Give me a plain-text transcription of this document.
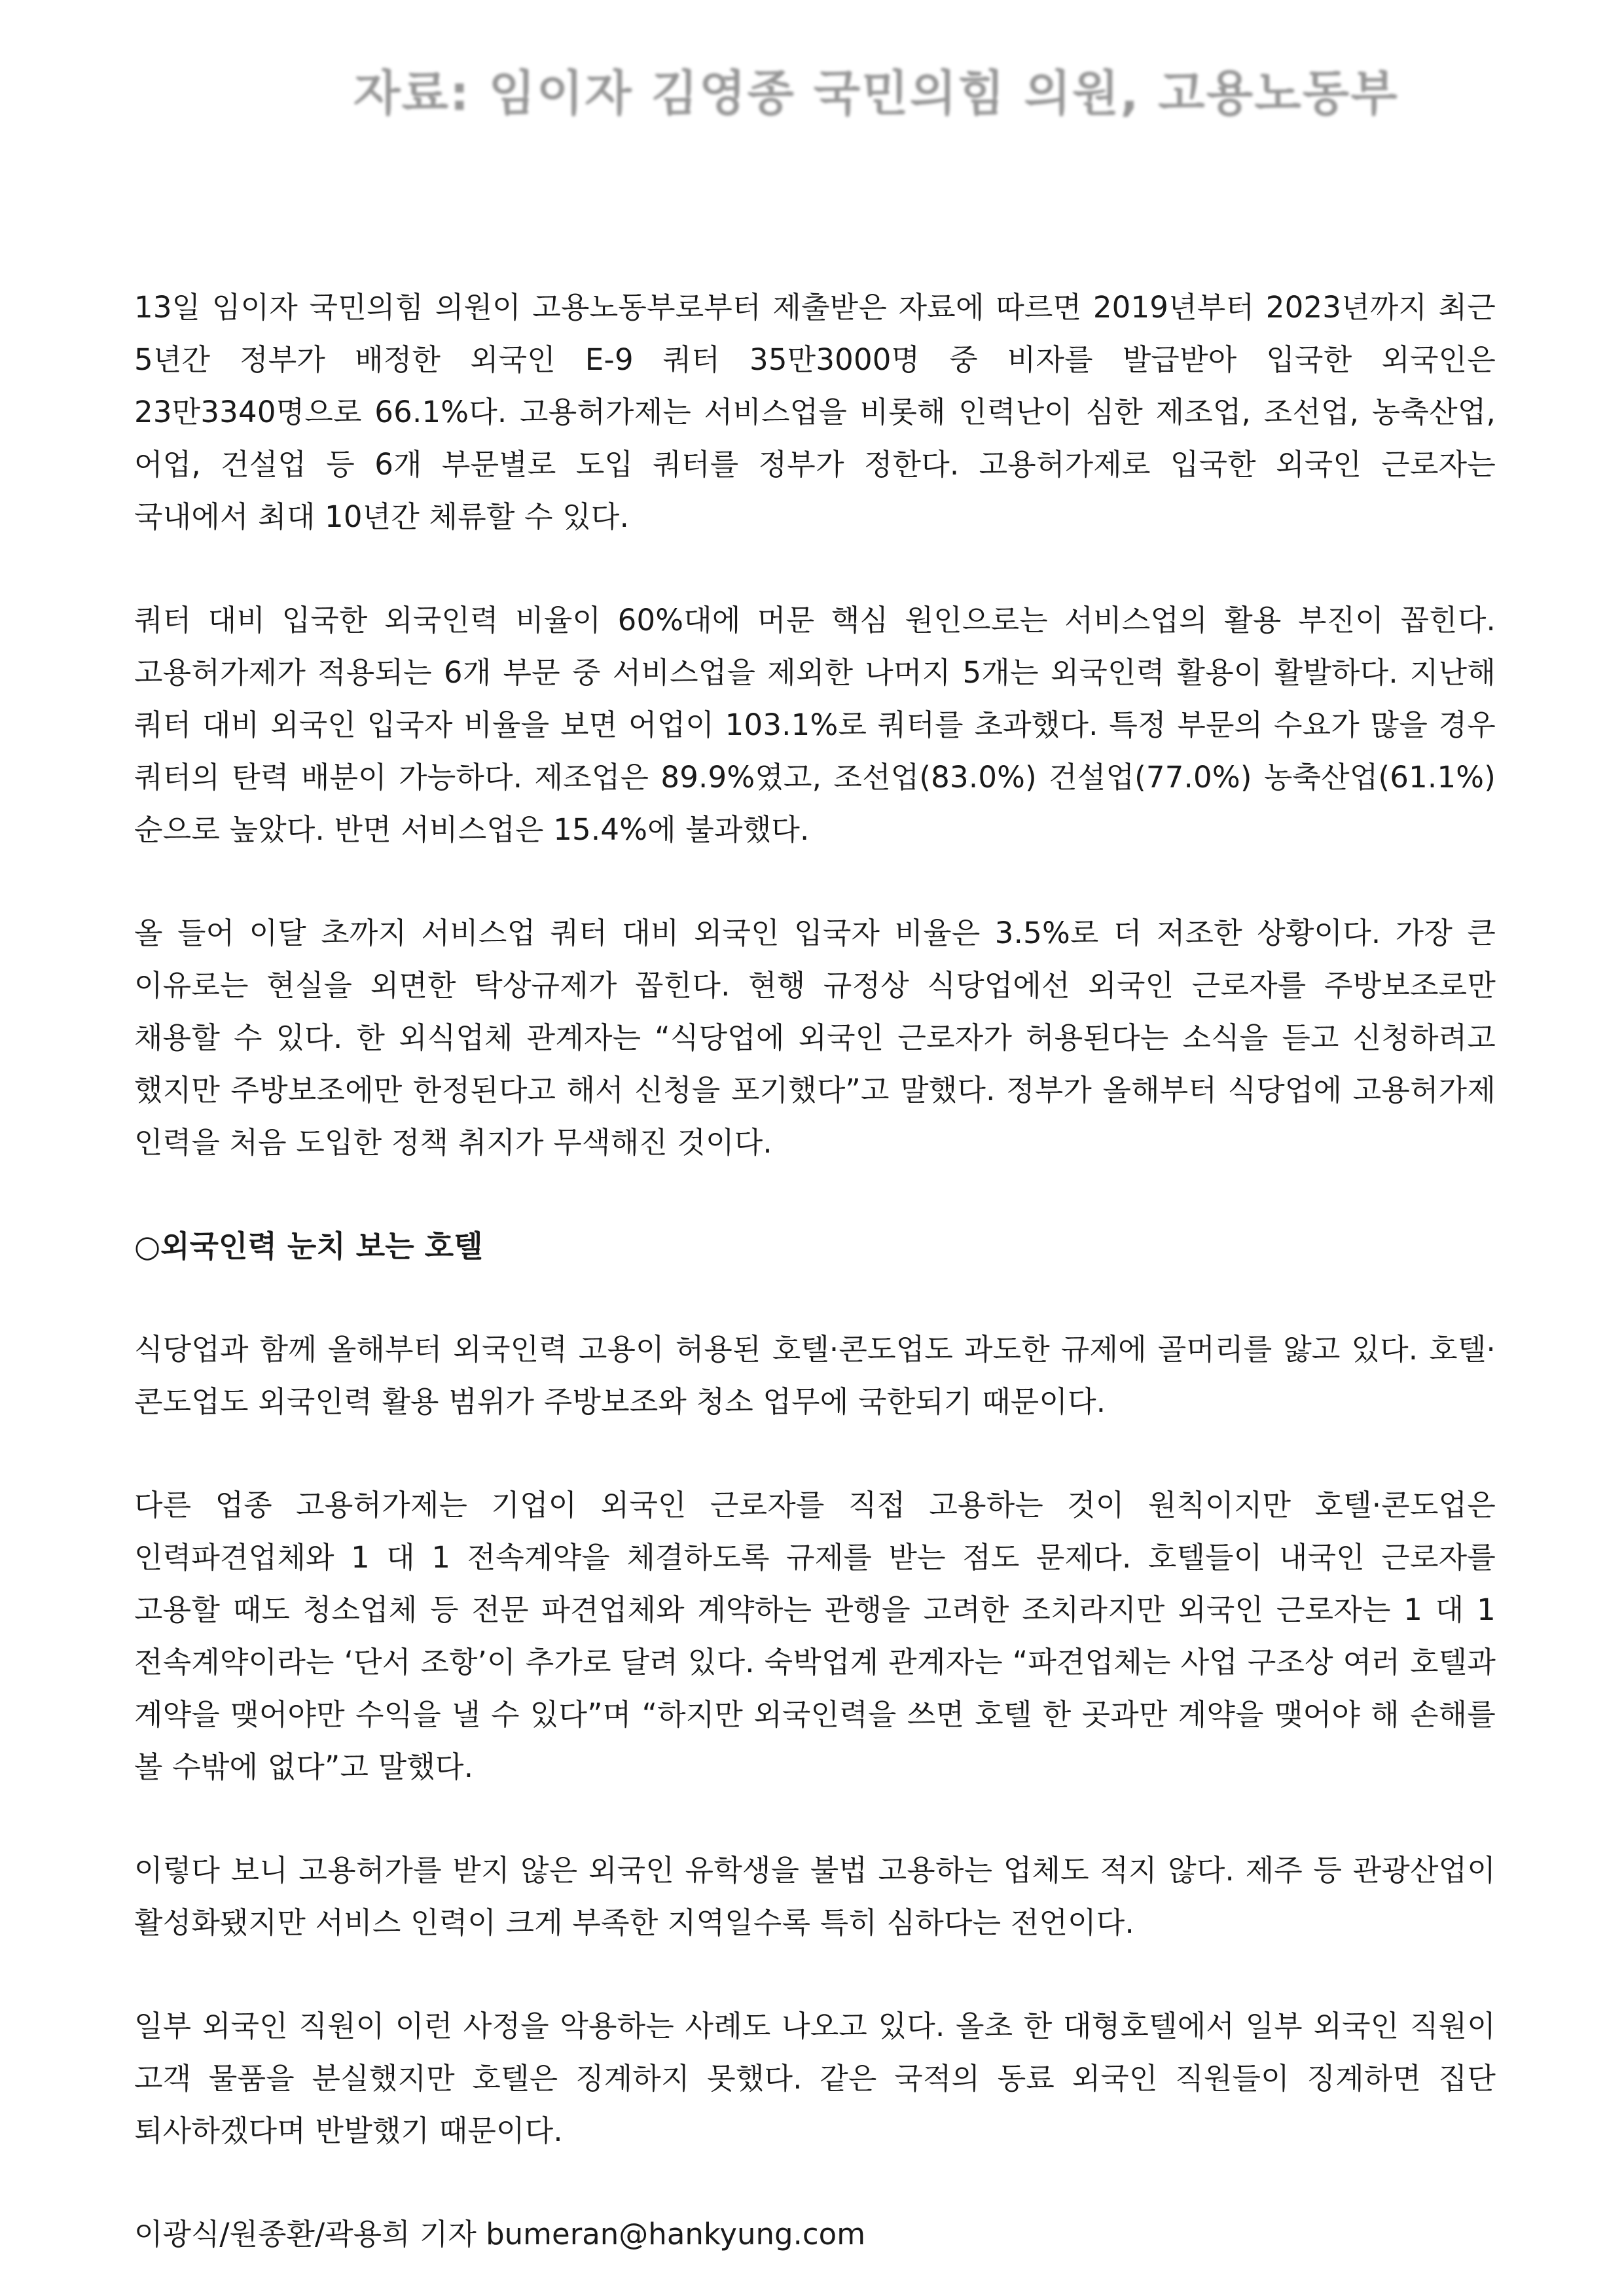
자료: 임이자 김영종 국민의힘 의원, 고용노동부

13일 임이자 국민의힘 의원이 고용노동부로부터 제출받은 자료에 따르면 2019년부터 2023년까지 최근 5년간 정부가 배정한 외국인 E-9 쿼터 35만3000명 중 비자를 발급받아 입국한 외국인은 23만3340명으로 66.1%다. 고용허가제는 서비스업을 비롯해 인력난이 심한 제조업, 조선업, 농축산업, 어업, 건설업 등 6개 부문별로 도입 쿼터를 정부가 정한다. 고용허가제로 입국한 외국인 근로자는 국내에서 최대 10년간 체류할 수 있다.

쿼터 대비 입국한 외국인력 비율이 60%대에 머문 핵심 원인으로는 서비스업의 활용 부진이 꼽힌다. 고용허가제가 적용되는 6개 부문 중 서비스업을 제외한 나머지 5개는 외국인력 활용이 활발하다. 지난해 쿼터 대비 외국인 입국자 비율을 보면 어업이 103.1%로 쿼터를 초과했다. 특정 부문의 수요가 많을 경우 쿼터의 탄력 배분이 가능하다. 제조업은 89.9%였고, 조선업(83.0%) 건설업(77.0%) 농축산업(61.1%) 순으로 높았다. 반면 서비스업은 15.4%에 불과했다.

올 들어 이달 초까지 서비스업 쿼터 대비 외국인 입국자 비율은 3.5%로 더 저조한 상황이다. 가장 큰 이유로는 현실을 외면한 탁상규제가 꼽힌다. 현행 규정상 식당업에선 외국인 근로자를 주방보조로만 채용할 수 있다. 한 외식업체 관계자는 “식당업에 외국인 근로자가 허용된다는 소식을 듣고 신청하려고 했지만 주방보조에만 한정된다고 해서 신청을 포기했다”고 말했다. 정부가 올해부터 식당업에 고용허가제 인력을 처음 도입한 정책 취지가 무색해진 것이다.

○외국인력 눈치 보는 호텔

식당업과 함께 올해부터 외국인력 고용이 허용된 호텔·콘도업도 과도한 규제에 골머리를 앓고 있다. 호텔·콘도업도 외국인력 활용 범위가 주방보조와 청소 업무에 국한되기 때문이다.

다른 업종 고용허가제는 기업이 외국인 근로자를 직접 고용하는 것이 원칙이지만 호텔·콘도업은 인력파견업체와 1 대 1 전속계약을 체결하도록 규제를 받는 점도 문제다. 호텔들이 내국인 근로자를 고용할 때도 청소업체 등 전문 파견업체와 계약하는 관행을 고려한 조치라지만 외국인 근로자는 1 대 1 전속계약이라는 ‘단서 조항’이 추가로 달려 있다. 숙박업계 관계자는 “파견업체는 사업 구조상 여러 호텔과 계약을 맺어야만 수익을 낼 수 있다”며 “하지만 외국인력을 쓰면 호텔 한 곳과만 계약을 맺어야 해 손해를 볼 수밖에 없다”고 말했다.

이렇다 보니 고용허가를 받지 않은 외국인 유학생을 불법 고용하는 업체도 적지 않다. 제주 등 관광산업이 활성화됐지만 서비스 인력이 크게 부족한 지역일수록 특히 심하다는 전언이다.

일부 외국인 직원이 이런 사정을 악용하는 사례도 나오고 있다. 올초 한 대형호텔에서 일부 외국인 직원이 고객 물품을 분실했지만 호텔은 징계하지 못했다. 같은 국적의 동료 외국인 직원들이 징계하면 집단 퇴사하겠다며 반발했기 때문이다.

이광식/원종환/곽용희 기자 bumeran@hankyung.com
